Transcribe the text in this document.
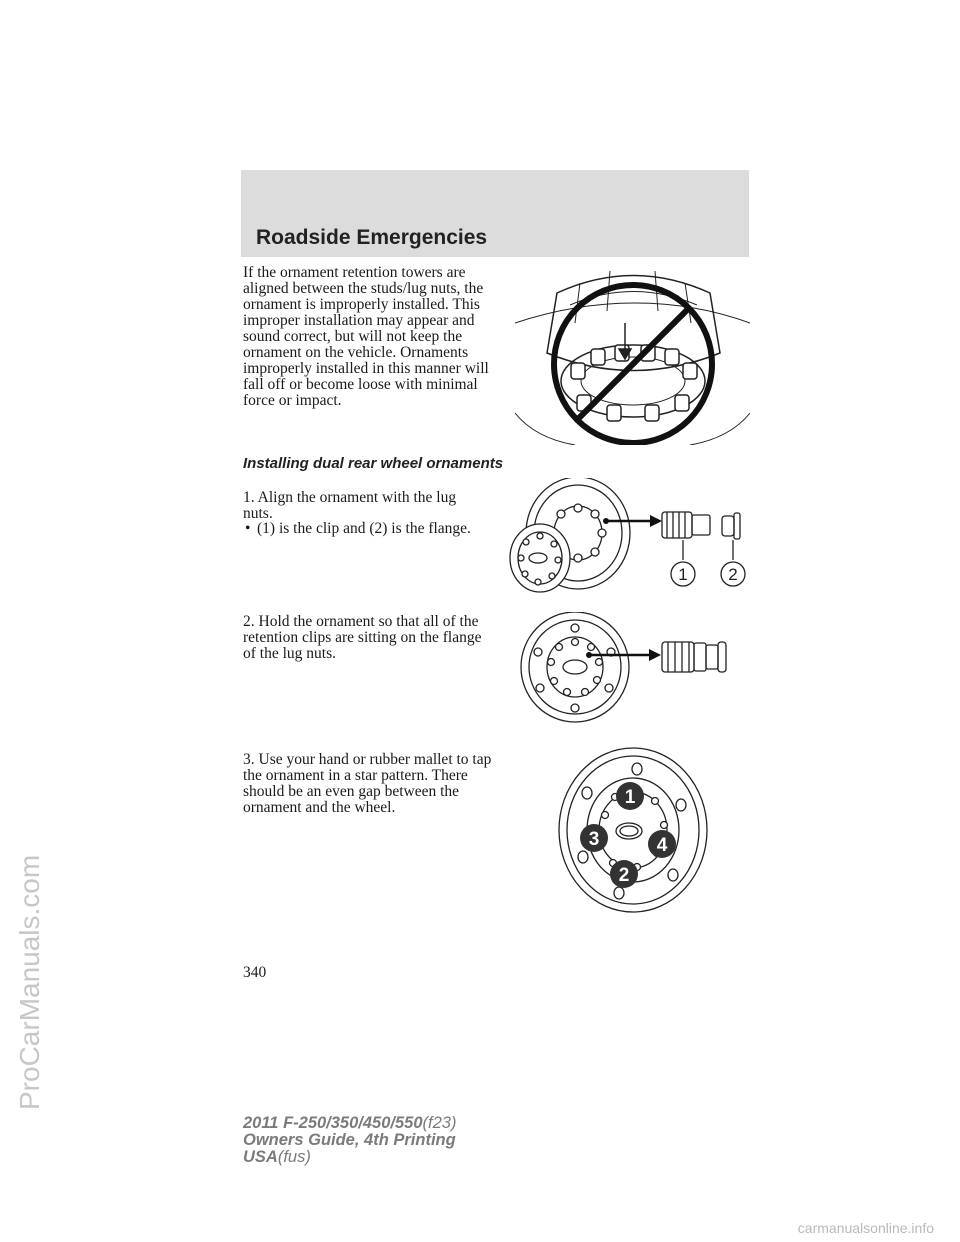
Roadside Emergencies

If the ornament retention towers are aligned between the studs/lug nuts, the ornament is improperly installed. This improper installation may appear and sound correct, but will not keep the ornament on the vehicle. Ornaments improperly installed in this manner will fall off or become loose with minimal force or impact.

Installing dual rear wheel ornaments

1. Align the ornament with the lug nuts.

• (1) is the clip and (2) is the flange.
1 2

2. Hold the ornament so that all of the retention clips are sitting on the flange of the lug nuts.

3. Use your hand or rubber mallet to tap the ornament in a star pattern. There should be an even gap between the ornament and the wheel.	1
4
3
2
340
2011 F-250/350/450/550(f23)
Owners Guide, 4th Printing
USA(fus)
ProCarManuals.com
carmanualsonline.info
